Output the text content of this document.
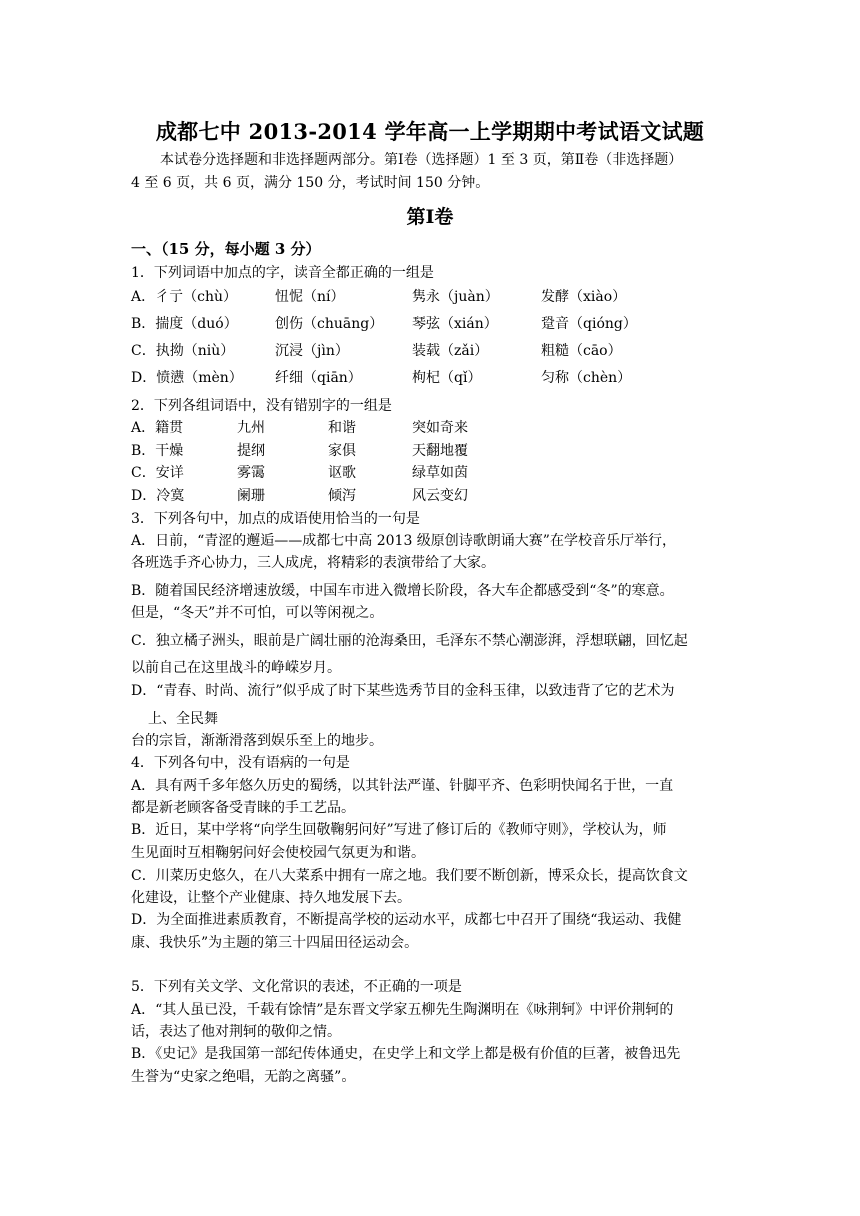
成都七中 2013-2014 学年高一上学期期中考试语文试题
本试卷分选择题和非选择题两部分。第Ⅰ卷（选择题）1 至 3 页，第Ⅱ卷（非选择题）
4 至 6 页，共 6 页，满分 150 分，考试时间 150 分钟。
第Ⅰ卷
一、（15 分，每小题 3 分）
1．下列词语中加点的字，读音全都正确的一组是
A．彳亍（chù）	忸怩（ní）	隽永（juàn）	发酵（xiào）
B．揣度（duó）	创伤（chuāng） 琴弦（xián）	跫音（qióng）
C．执拗（niù）	沉浸（jìn）	装载（zǎi）	粗糙（cāo）
D．愤懑（mèn） 纤细（qiān）	枸杞（qǐ）	匀称（chèn）
2．下列各组词语中，没有错别字的一组是
A．籍贯	九州	和谐	突如奇来
B．干燥	提纲	家俱	天翻地覆
C．安详	雾霭	讴歌	绿草如茵
D．冷寞	阑珊	倾泻	风云变幻
3．下列各句中，加点的成语使用恰当的一句是
A．日前，“青涩的邂逅——成都七中高 2013 级原创诗歌朗诵大赛”在学校音乐厅举行，
各班选手齐心协力，三人成虎，将精彩的表演带给了大家。
B．随着国民经济增速放缓，中国车市进入微增长阶段，各大车企都感受到“冬”的寒意。
但是，“冬天”并不可怕，可以等闲视之。
C．独立橘子洲头，眼前是广阔壮丽的沧海桑田，毛泽东不禁心潮澎湃，浮想联翩，回忆起
以前自己在这里战斗的峥嵘岁月。
D．“青春、时尚、流行”似乎成了时下某些选秀节目的金科玉律，以致违背了它的艺术为
上、全民舞
台的宗旨，渐渐滑落到娱乐至上的地步。
4．下列各句中，没有语病的一句是
A．具有两千多年悠久历史的蜀绣，以其针法严谨、针脚平齐、色彩明快闻名于世，一直
都是新老顾客备受青睐的手工艺品。
B．近日，某中学将“向学生回敬鞠躬问好”写进了修订后的《教师守则》，学校认为，师
生见面时互相鞠躬问好会使校园气氛更为和谐。
C．川菜历史悠久，在八大菜系中拥有一席之地。我们要不断创新，博采众长，提高饮食文
化建设，让整个产业健康、持久地发展下去。
D．为全面推进素质教育，不断提高学校的运动水平，成都七中召开了围绕“我运动、我健
康、我快乐”为主题的第三十四届田径运动会。
5．下列有关文学、文化常识的表述，不正确的一项是
A．“其人虽已没，千载有馀情”是东晋文学家五柳先生陶渊明在《咏荆轲》中评价荆轲的
话，表达了他对荆轲的敬仰之情。
B．《史记》是我国第一部纪传体通史，在史学上和文学上都是极有价值的巨著，被鲁迅先
生誉为“史家之绝唱，无韵之离骚”。
